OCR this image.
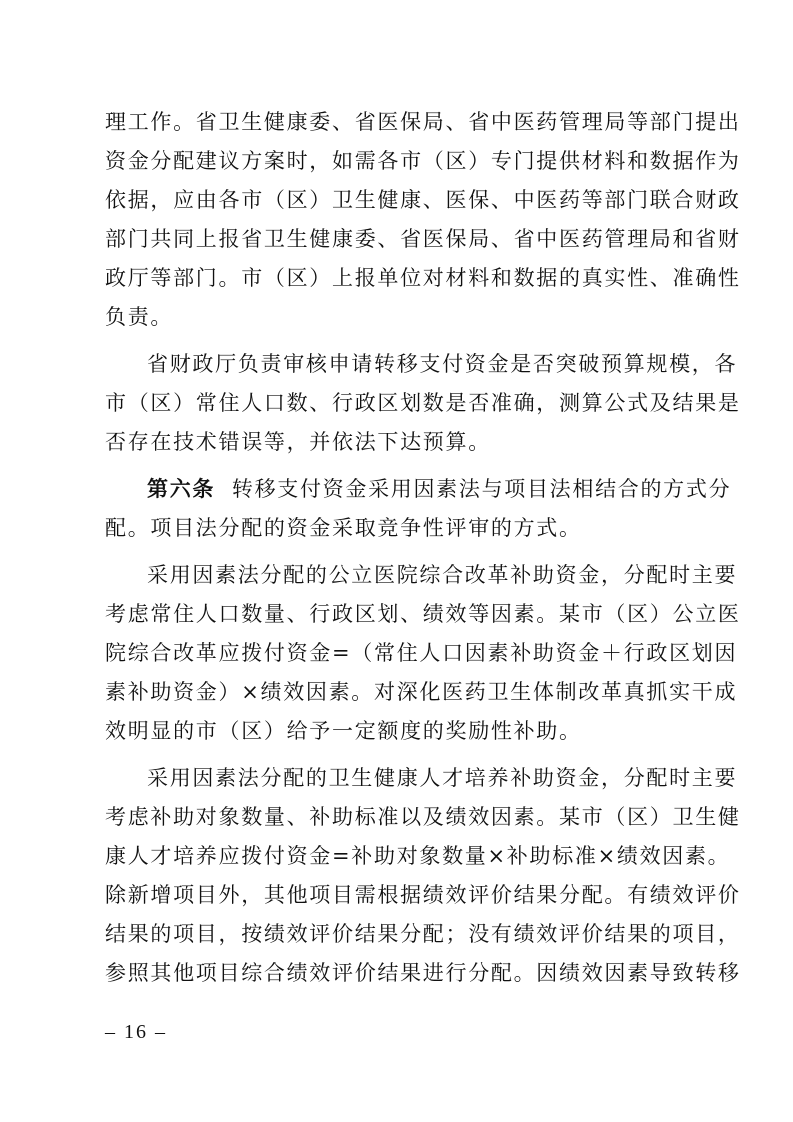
理工作。省卫生健康委、省医保局、省中医药管理局等部门提出
资金分配建议方案时，如需各市（区）专门提供材料和数据作为
依据，应由各市（区）卫生健康、医保、中医药等部门联合财政
部门共同上报省卫生健康委、省医保局、省中医药管理局和省财
政厅等部门。市（区）上报单位对材料和数据的真实性、准确性
负责。

省财政厅负责审核申请转移支付资金是否突破预算规模，各
市（区）常住人口数、行政区划数是否准确，测算公式及结果是
否存在技术错误等，并依法下达预算。

第六条 转移支付资金采用因素法与项目法相结合的方式分
配。项目法分配的资金采取竞争性评审的方式。

采用因素法分配的公立医院综合改革补助资金，分配时主要
考虑常住人口数量、行政区划、绩效等因素。某市（区）公立医
院综合改革应拨付资金=（常住人口因素补助资金＋行政区划因
素补助资金）×绩效因素。对深化医药卫生体制改革真抓实干成
效明显的市（区）给予一定额度的奖励性补助。

采用因素法分配的卫生健康人才培养补助资金，分配时主要
考虑补助对象数量、补助标准以及绩效因素。某市（区）卫生健
康人才培养应拨付资金=补助对象数量×补助标准×绩效因素。
除新增项目外，其他项目需根据绩效评价结果分配。有绩效评价
结果的项目，按绩效评价结果分配；没有绩效评价结果的项目，
参照其他项目综合绩效评价结果进行分配。因绩效因素导致转移

– 16 –
